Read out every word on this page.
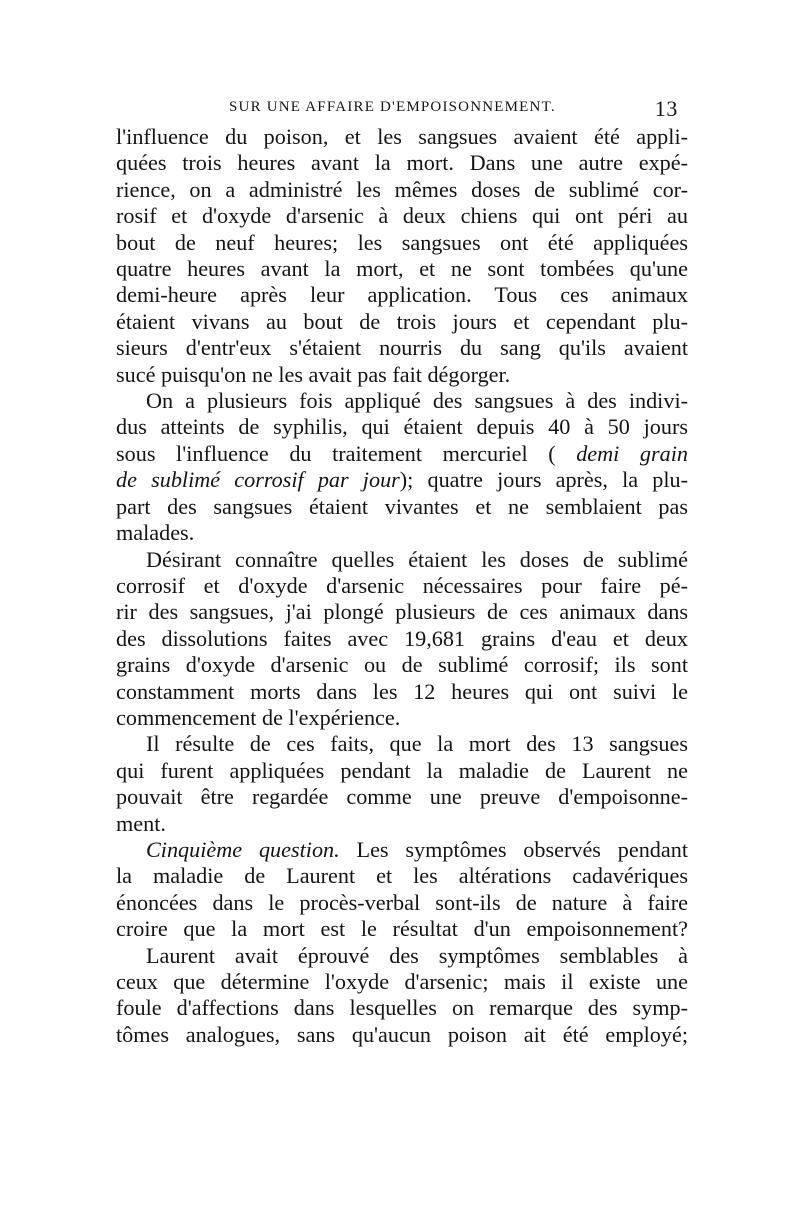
SUR UNE AFFAIRE D'EMPOISONNEMENT.	13
l'influence du poison, et les sangsues avaient été appli-
quées trois heures avant la mort. Dans une autre expé-
rience, on a administré les mêmes doses de sublimé cor-
rosif et d'oxyde d'arsenic à deux chiens qui ont péri au
bout de neuf heures; les sangsues ont été appliquées
quatre heures avant la mort, et ne sont tombées qu'une
demi-heure après leur application. Tous ces animaux
étaient vivans au bout de trois jours et cependant plu-
sieurs d'entr'eux s'étaient nourris du sang qu'ils avaient
sucé puisqu'on ne les avait pas fait dégorger.
On a plusieurs fois appliqué des sangsues à des indivi-
dus atteints de syphilis, qui étaient depuis 40 à 50 jours
sous l'influence du traitement mercuriel ( demi grain
de sublimé corrosif par jour); quatre jours après, la plu-
part des sangsues étaient vivantes et ne semblaient pas
malades.
Désirant connaître quelles étaient les doses de sublimé
corrosif et d'oxyde d'arsenic nécessaires pour faire pé-
rir des sangsues, j'ai plongé plusieurs de ces animaux dans
des dissolutions faites avec 19,681 grains d'eau et deux
grains d'oxyde d'arsenic ou de sublimé corrosif; ils sont
constamment morts dans les 12 heures qui ont suivi le
commencement de l'expérience.
Il résulte de ces faits, que la mort des 13 sangsues
qui furent appliquées pendant la maladie de Laurent ne
pouvait être regardée comme une preuve d'empoisonne-
ment.
Cinquième question. Les symptômes observés pendant
la maladie de Laurent et les altérations cadavériques
énoncées dans le procès-verbal sont-ils de nature à faire
croire que la mort est le résultat d'un empoisonnement?
Laurent avait éprouvé des symptômes semblables à
ceux que détermine l'oxyde d'arsenic; mais il existe une
foule d'affections dans lesquelles on remarque des symp-
tômes analogues, sans qu'aucun poison ait été employé;
